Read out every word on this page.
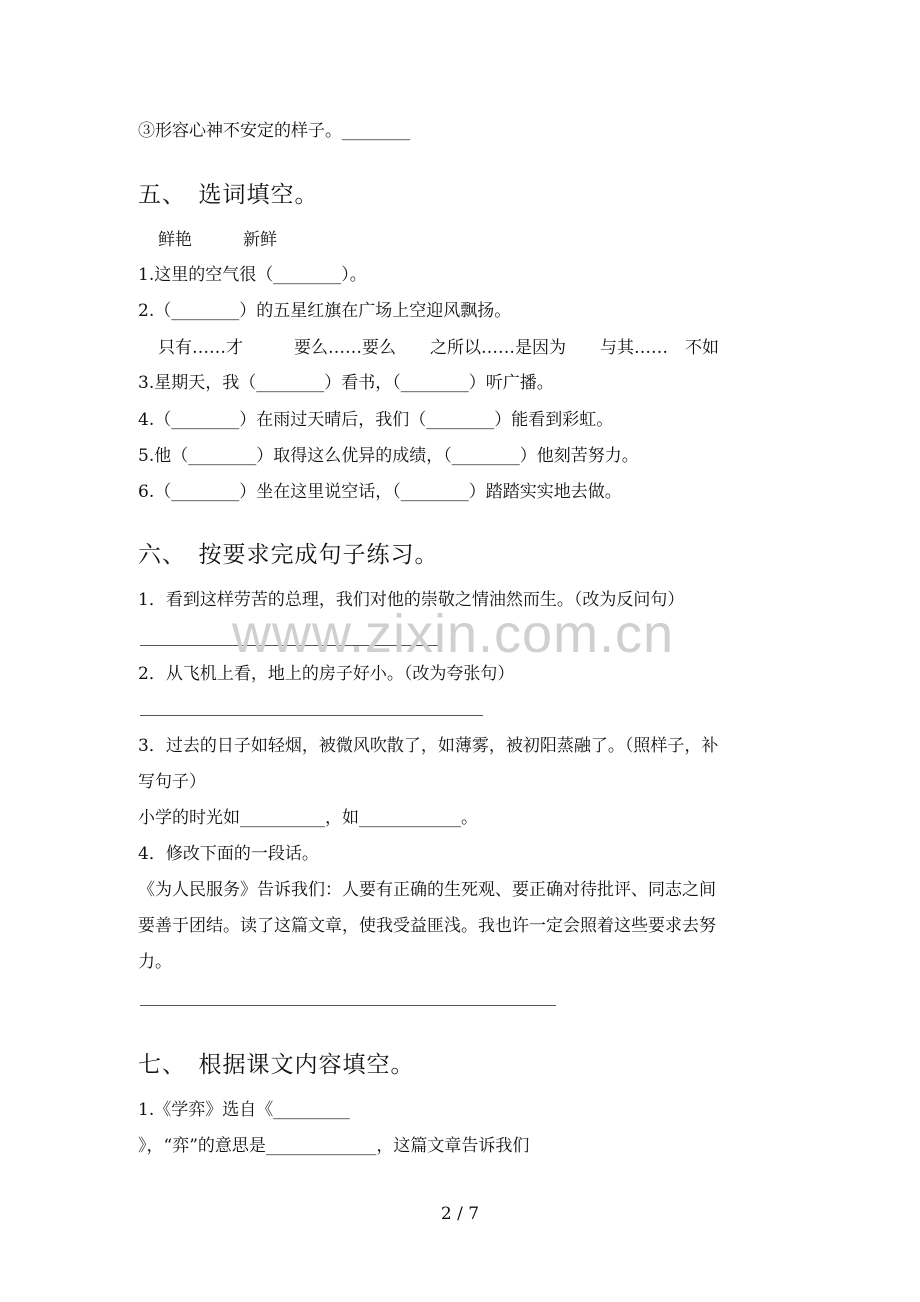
③形容心神不安定的样子。________
五、　选词填空。
鲜艳　　　新鲜
1.这里的空气很（________）。
2.（________）的五星红旗在广场上空迎风飘扬。
只有……才　　　要么……要么　　之所以……是因为　　与其……　不如
3.星期天，我（________）看书，（________）听广播。
4.（________）在雨过天晴后，我们（________）能看到彩虹。
5.他（________）取得这么优异的成绩，（________）他刻苦努力。
6.（________）坐在这里说空话，（________）踏踏实实地去做。
六、　按要求完成句子练习。
1．看到这样劳苦的总理，我们对他的崇敬之情油然而生。（改为反问句）
2．从飞机上看，地上的房子好小。（改为夸张句）
3．过去的日子如轻烟，被微风吹散了，如薄雾，被初阳蒸融了。（照样子，补
写句子）
小学的时光如__________，如____________。
4．修改下面的一段话。
《为人民服务》告诉我们：人要有正确的生死观、要正确对待批评、同志之间
要善于团结。读了这篇文章，使我受益匪浅。我也许一定会照着这些要求去努
力。
七、　根据课文内容填空。
1.《学弈》选自《_________
》，“弈”的意思是_____________，这篇文章告诉我们
www.zixin.com.cn
2 / 7
